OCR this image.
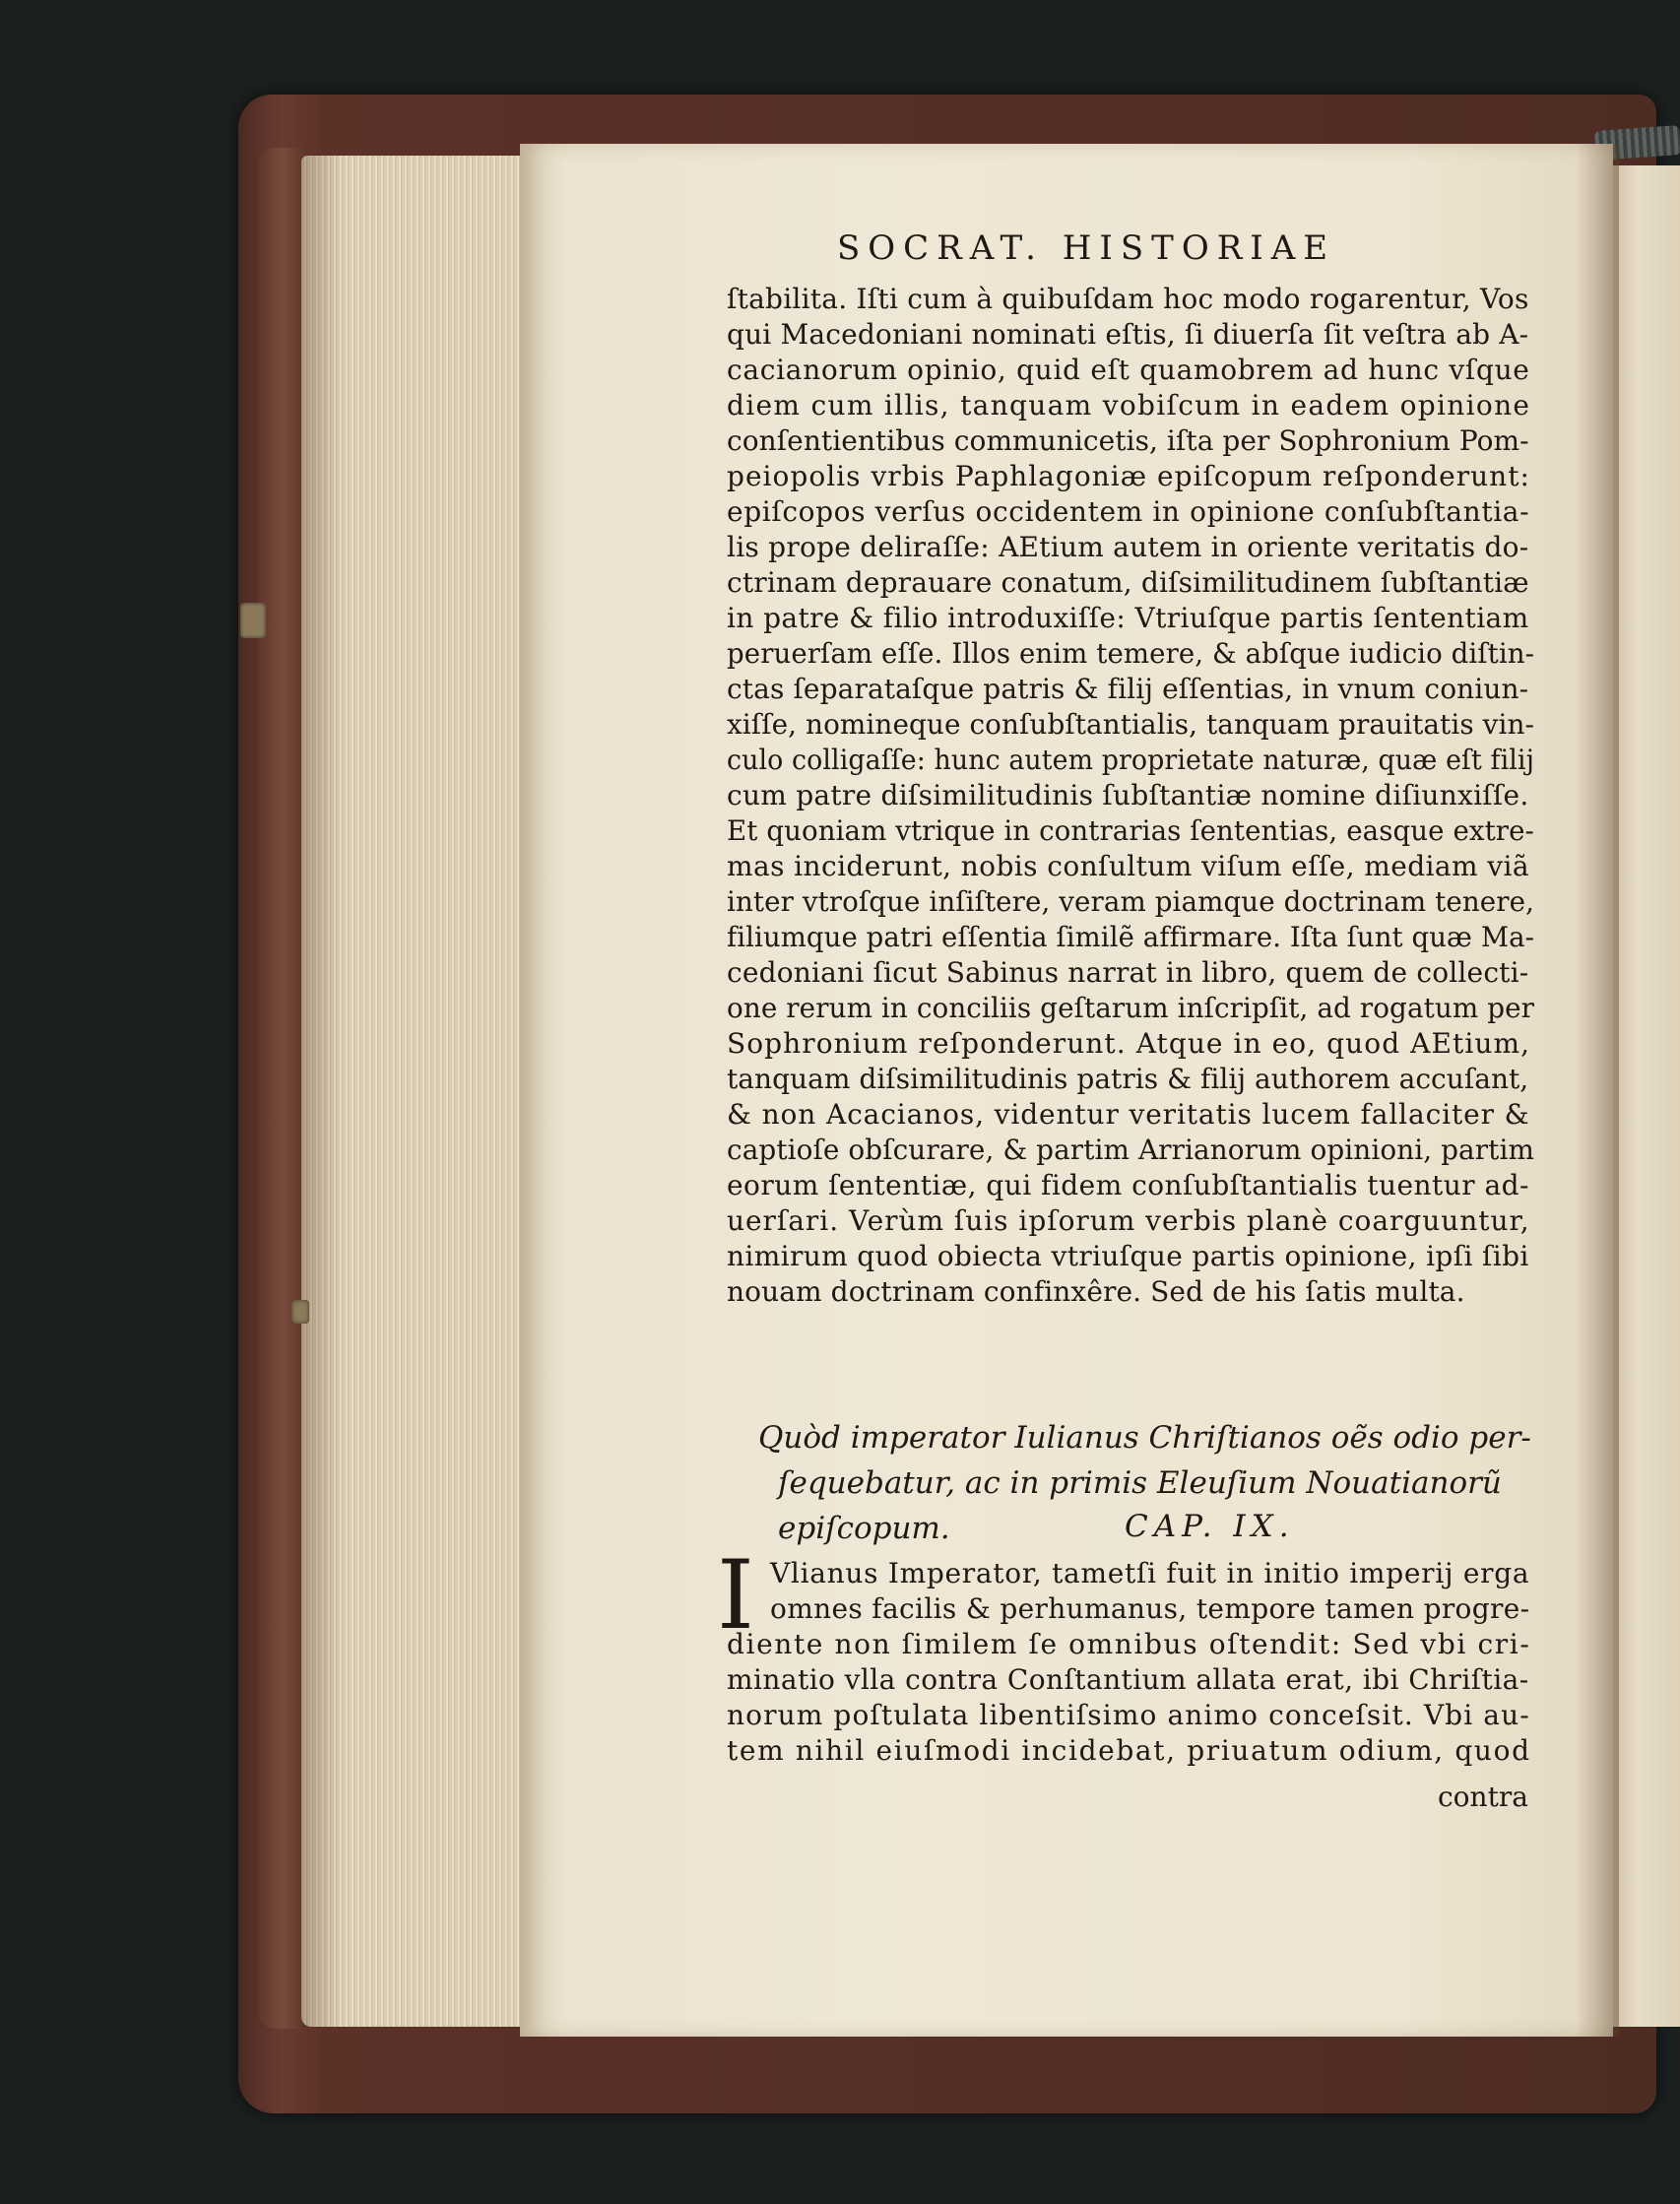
SOCRAT. HISTORIAE
ſtabilita. Iſti cum à quibuſdam hoc modo rogarentur, Vos
qui Macedoniani nominati eſtis, ſi diuerſa ſit veſtra ab A-
cacianorum opinio, quid eſt quamobrem ad hunc vſque
diem cum illis, tanquam vobiſcum in eadem opinione
conſentientibus communicetis, iſta per Sophronium Pom-
peiopolis vrbis Paphlagoniæ epiſcopum reſponderunt:
epiſcopos verſus occidentem in opinione conſubſtantia-
lis prope deliraſſe: AEtium autem in oriente veritatis do-
ctrinam deprauare conatum, diſsimilitudinem ſubſtantiæ
in patre & filio introduxiſſe: Vtriuſque partis ſententiam
peruerſam eſſe. Illos enim temere, & abſque iudicio diſtin-
ctas ſeparataſque patris & filij eſſentias, in vnum coniun-
xiſſe, nomineque conſubſtantialis, tanquam prauitatis vin-
culo colligaſſe: hunc autem proprietate naturæ, quæ eſt filij
cum patre diſsimilitudinis ſubſtantiæ nomine diſiunxiſſe.
Et quoniam vtrique in contrarias ſententias, easque extre-
mas inciderunt, nobis conſultum viſum eſſe, mediam viã
inter vtroſque inſiſtere, veram piamque doctrinam tenere,
filiumque patri eſſentia ſimilẽ affirmare. Iſta ſunt quæ Ma-
cedoniani ſicut Sabinus narrat in libro, quem de collecti-
one rerum in conciliis geſtarum inſcripſit, ad rogatum per
Sophronium reſponderunt. Atque in eo, quod AEtium,
tanquam diſsimilitudinis patris & filij authorem accuſant,
& non Acacianos, videntur veritatis lucem fallaciter &
captioſe obſcurare, & partim Arrianorum opinioni, partim
eorum ſententiæ, qui fidem conſubſtantialis tuentur ad-
uerſari. Verùm ſuis ipſorum verbis planè coarguuntur,
nimirum quod obiecta vtriuſque partis opinione, ipſi ſibi
nouam doctrinam confinxêre. Sed de his ſatis multa.
Quòd imperator Iulianus Chriſtianos oẽs odio per-
ſequebatur, ac in primis Eleuſium Nouatianorũ
epiſcopum.	CAP. IX.
I Vlianus Imperator, tametſi fuit in initio imperij erga
omnes facilis & perhumanus, tempore tamen progre-
diente non ſimilem ſe omnibus oſtendit: Sed vbi cri-
minatio vlla contra Conſtantium allata erat, ibi Chriſtia-
norum poſtulata libentiſsimo animo conceſsit. Vbi au-
tem nihil eiuſmodi incidebat, priuatum odium, quod
contra
